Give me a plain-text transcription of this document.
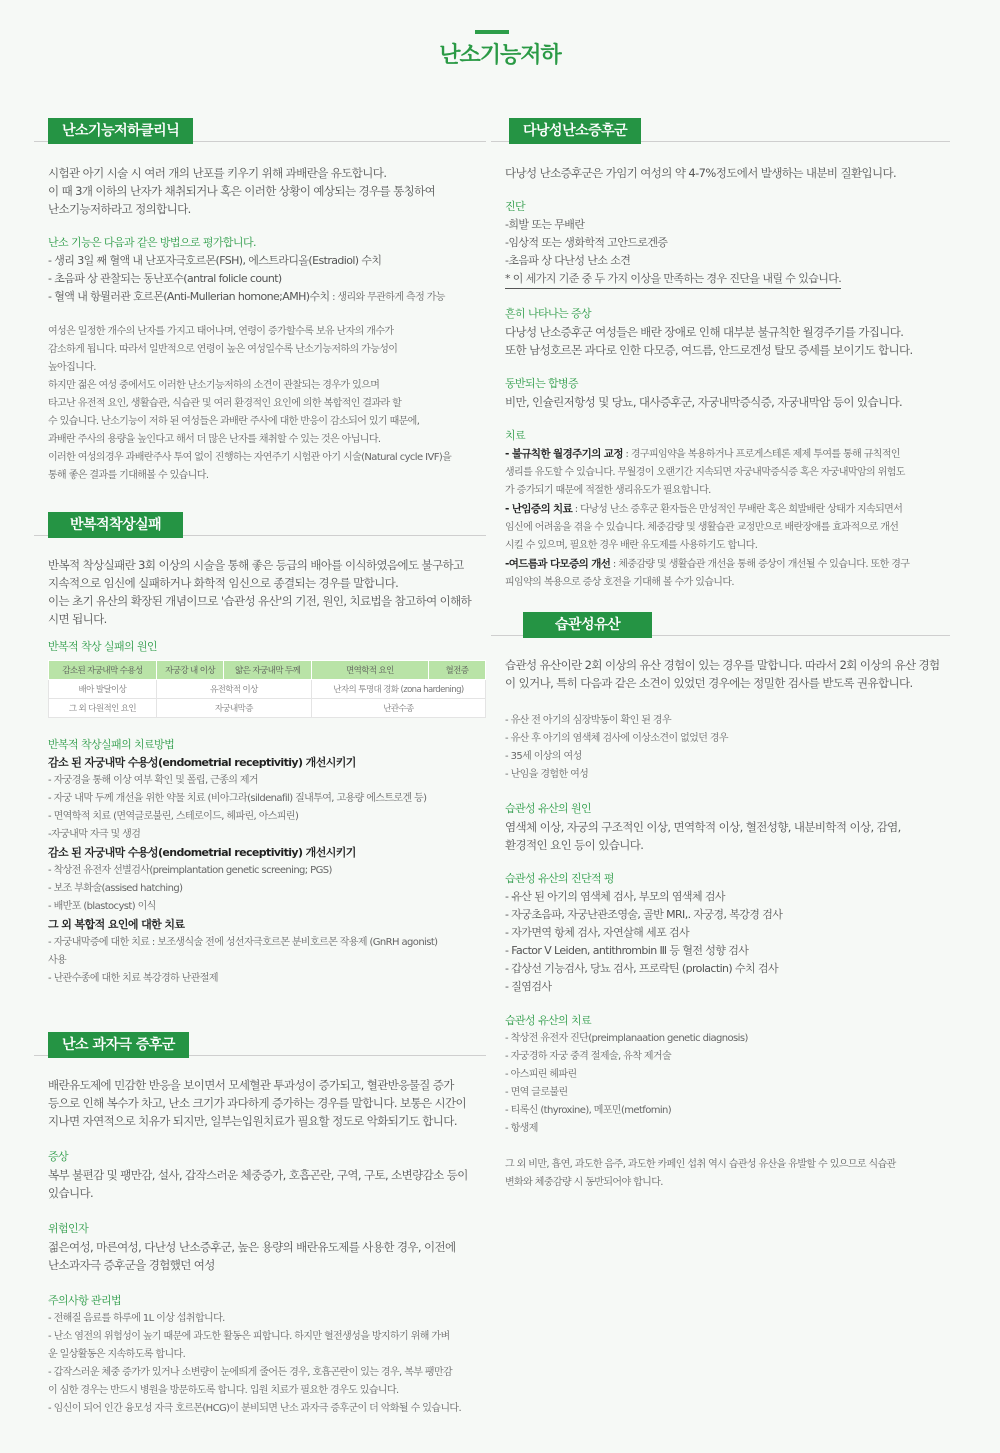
난소기능저하
난소기능저하클리닉

시험관 아기 시술 시 여러 개의 난포를 키우기 위해 과배란을 유도합니다.

이 때 3개 이하의 난자가 채취되거나 혹은 이러한 상황이 예상되는 경우를 통칭하여

난소기능저하라고 정의합니다.

난소 기능은 다음과 같은 방법으로 평가합니다.

- 생리 3일 째 혈액 내 난포자극호르몬(FSH), 에스트라디올(Estradiol) 수치

- 초음파 상 관찰되는 동난포수(antral folicle count)

- 혈액 내 항뮐러관 호르몬(Anti-Mullerian homone;AMH)수치 : 생리와 무관하게 측정 가능

여성은 일정한 개수의 난자를 가지고 태어나며, 연령이 증가할수록 보유 난자의 개수가

감소하게 됩니다. 따라서 일반적으로 연령이 높은 여성일수록 난소기능저하의 가능성이

높아집니다.

하지만 젊은 여성 중에서도 이러한 난소기능저하의 소견이 관찰되는 경우가 있으며

타고난 유전적 요인, 생활습관, 식습관 및 여러 환경적인 요인에 의한 복합적인 결과라 할

수 있습니다. 난소기능이 저하 된 여성들은 과배란 주사에 대한 반응이 감소되어 있기 때문에,

과배란 주사의 용량을 높인다고 해서 더 많은 난자를 채취할 수 있는 것은 아닙니다.

이러한 여성의경우 과배란주사 투여 없이 진행하는 자연주기 시험관 아기 시술(Natural cycle IVF)을

통해 좋은 결과를 기대해볼 수 있습니다.

반복적착상실패

반복적 착상실패란 3회 이상의 시술을 통해 좋은 등급의 배아를 이식하였음에도 불구하고

지속적으로 임신에 실패하거나 화학적 임신으로 종결되는 경우를 말합니다.

이는 초기 유산의 확장된 개념이므로 '습관성 유산'의 기전, 원인, 치료법을 참고하여 이해하

시면 됩니다.

반복적 착상 실패의 원인

감소된 자궁내막 수용성	자궁강 내 이상	얇은 자궁내막 두께	면역학적 요인	혈전증
배아 발달이상	유전학적 이상		난자의 투명대 경화 (zona hardening)	
그 외 다원적인 요인	자궁내막증		난관수종	

반복적 착상실패의 치료방법

감소 된 자궁내막 수용성(endometrial receptivitiy) 개선시키기

- 자궁경을 통해 이상 여부 확인 및 폴립, 근종의 제거

- 자궁 내막 두께 개선을 위한 약물 치료 (비아그라(sildenafil) 질내투여, 고용량 에스트로겐 등)

- 면역학적 치료 (면역글로불린, 스테로이드, 헤파린, 아스피린)

-자궁내막 자극 및 생검

감소 된 자궁내막 수용성(endometrial receptivitiy) 개선시키기

- 착상전 유전자 선별검사(preimplantation genetic screening; PGS)

- 보조 부화술(assised hatching)

- 배반포 (blastocyst) 이식

그 외 복합적 요인에 대한 치료

- 자궁내막증에 대한 치료 : 보조생식술 전에 성선자극호르몬 분비호르몬 작용제 (GnRH agonist)

사용

- 난관수종에 대한 치료 복강경하 난관절제

난소 과자극 증후군

배란유도제에 민감한 반응을 보이면서 모세혈관 투과성이 증가되고, 혈관반응물질 증가

등으로 인해 복수가 차고, 난소 크기가 과다하게 증가하는 경우를 말합니다. 보통은 시간이

지나면 자연적으로 치유가 되지만, 일부는입원치료가 필요할 정도로 악화되기도 합니다.

증상

복부 불편감 및 팽만감, 설사, 갑작스러운 체중증가, 호흡곤란, 구역, 구토, 소변량감소 등이

있습니다.

위험인자

젊은여성, 마른여성, 다난성 난소증후군, 높은 용량의 배란유도제를 사용한 경우, 이전에

난소과자극 증후군을 경험했던 여성

주의사항 관리법

- 전해질 음료를 하루에 1L 이상 섭취합니다.

- 난소 염전의 위험성이 높기 때문에 과도한 활동은 피합니다. 하지만 혈전생성을 방지하기 위해 가벼

운 일상활동은 지속하도록 합니다.

- 갑작스러운 체중 증가가 있거나 소변량이 눈에띄게 줄어든 경우, 호흡곤란이 있는 경우, 복부 팽만감

이 심한 경우는 반드시 병원을 방문하도록 합니다. 입원 치료가 필요한 경우도 있습니다.

- 임신이 되어 인간 융모성 자극 호르몬(HCG)이 분비되면 난소 과자극 증후군이 더 악화될 수 있습니다.

다낭성난소증후군

다낭성 난소증후군은 가임기 여성의 약 4-7%정도에서 발생하는 내분비 질환입니다.

진단

-희발 또는 무배란

-임상적 또는 생화학적 고안드로겐증

-초음파 상 다난성 난소 소견

* 이 세가지 기준 중 두 가지 이상을 만족하는 경우 진단을 내릴 수 있습니다.

흔히 나타나는 증상

다낭성 난소증후군 여성들은 배란 장애로 인해 대부분 불규칙한 월경주기를 가집니다.

또한 남성호르몬 과다로 인한 다모증, 여드름, 안드로겐성 탈모 증세를 보이기도 합니다.

동반되는 합병증

비만, 인슐린저항성 및 당뇨, 대사증후군, 자궁내막증식증, 자궁내막암 등이 있습니다.

치료

- 불규칙한 월경주기의 교정 : 경구피임약을 복용하거나 프로게스테론 제제 투여를 통해 규칙적인

생리를 유도할 수 있습니다. 무월경이 오랜기간 지속되면 자궁내막증식증 혹은 자궁내막암의 위험도

가 증가되기 때문에 적절한 생리유도가 필요합니다.

- 난임증의 치료 : 다낭성 난소 증후군 환자들은 만성적인 무배란 혹은 희발배란 상태가 지속되면서

임신에 어려움을 겪을 수 있습니다. 체중감량 및 생활습관 교정만으로 배란장애를 효과적으로 개선

시킬 수 있으며, 필요한 경우 배란 유도제를 사용하기도 합니다.

-여드름과 다모증의 개선 : 체중감량 및 생활습관 개선을 통해 증상이 개선될 수 있습니다. 또한 경구

피임약의 복용으로 증상 호전을 기대해 볼 수가 있습니다.

습관성유산

습관성 유산이란 2회 이상의 유산 경험이 있는 경우를 말합니다. 따라서 2회 이상의 유산 경험

이 있거나, 특히 다음과 같은 소견이 있었던 경우에는 정밀한 검사를 받도록 권유합니다.

- 유산 전 아기의 심장박동이 확인 된 경우

- 유산 후 아기의 염색체 검사에 이상소견이 없었던 경우

- 35세 이상의 여성

- 난임을 경험한 여성

습관성 유산의 원인

염색체 이상, 자궁의 구조적인 이상, 면역학적 이상, 혈전성향, 내분비학적 이상, 감염,

환경적인 요인 등이 있습니다.

습관성 유산의 진단적 평

- 유산 된 아기의 염색체 검사, 부모의 염색체 검사

- 자궁초음파, 자궁난관조영술, 골반 MRI,. 자궁경, 복강경 검사

- 자가면역 항체 검사, 자연살해 세포 검사

- Factor V Leiden, antithrombin Ⅲ 등 혈전 성향 검사

- 갑상선 기능검사, 당뇨 검사, 프로락틴 (prolactin) 수치 검사

- 질염검사

습관성 유산의 치료

- 착상전 유전자 진단(preimplanaation genetic diagnosis)

- 자궁경하 자궁 중격 절제술, 유착 제거술

- 아스피린 헤파린

- 면역 글로불린

- 티록신 (thyroxine), 메포민(metfomin)

- 항생제

그 외 비만, 흡연, 과도한 음주, 과도한 카페인 섭취 역시 습관성 유산을 유발할 수 있으므로 식습관

변화와 체중감량 시 동반되어야 합니다.
